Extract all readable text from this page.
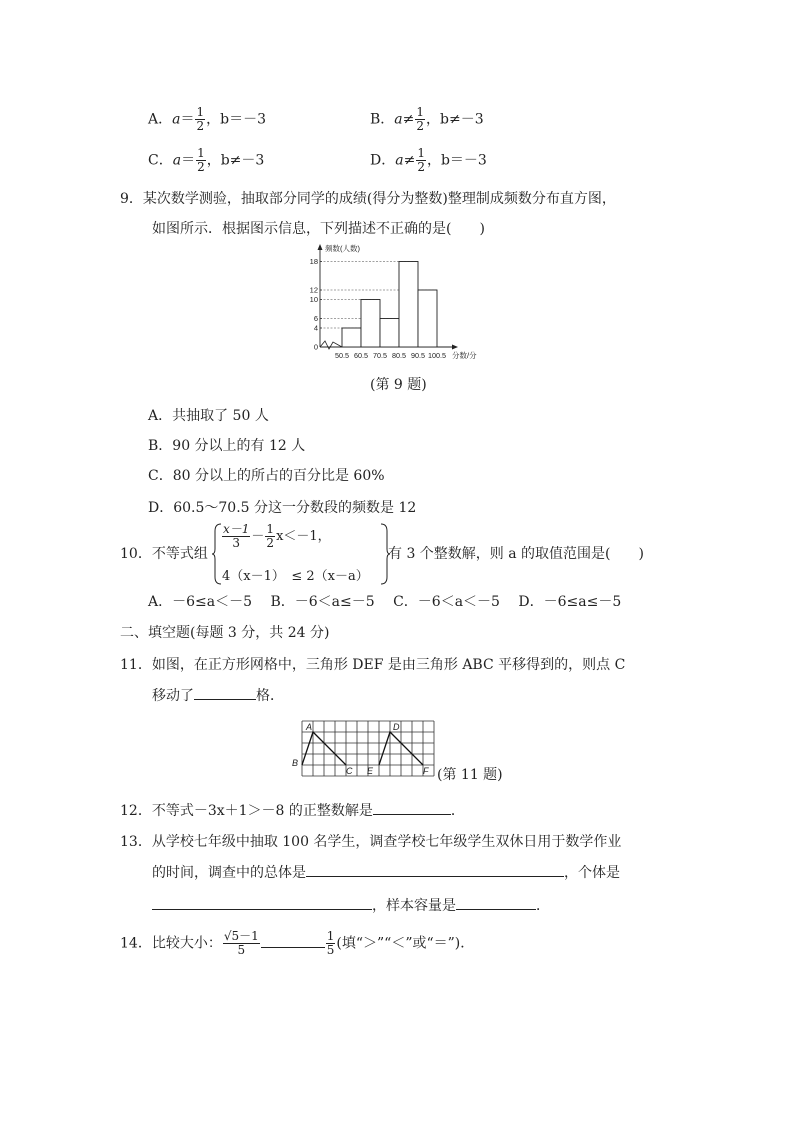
A．$a= \frac{1}{2}$ ，b＝－3	B．$a\ne \frac{1}{2}$ ，b≠－3
C．$a= \frac{1}{2}$ ，b≠－3	D．$a\ne \frac{1}{2}$ ，b＝－3
9．某次数学测验，抽取部分同学的成绩(得分为整数)整理制成频数分布直方图，
如图所示．根据图示信息，下列描述不正确的是(　　)
频数(人数)
分数/分
0
4
6
10
12
18
50.5 60.5 70.5 80.5 90.5 100.5
(第 9 题)
A．共抽取了 50 人
B．90 分以上的有 12 人
C．80 分以上的所占的百分比是 60%
D．60.5～70.5 分这一分数段的频数是 12
10．不等式组
$\frac{x-1}{3} - \frac{1}{2} x<-1$，
4（x－1）　≤ 2（x－a）
有 3 个整数解，则 a 的取值范围是(　　)
A．－6≤a＜－5　 B．－6＜a≤－5　 C．－6＜a＜－5　 D．－6≤a≤－5
二、填空题(每题 3 分，共 24 分)
11．如图，在正方形网格中，三角形 DEF 是由三角形 ABC 平移得到的，则点 C
移动了	格．
A
B
C
D
E	F (第 11 题)
12．不等式－3x＋1＞－8 的正整数解是	．
13．从学校七年级中抽取 100 名学生，调查学校七年级学生双休日用于数学作业
的时间，调查中的总体是	，个体是
，样本容量是	．
14．比较大小： $\frac{√5-1}{5}$	$\frac{1}{5}$ (填“＞”“＜”或“＝”)．
